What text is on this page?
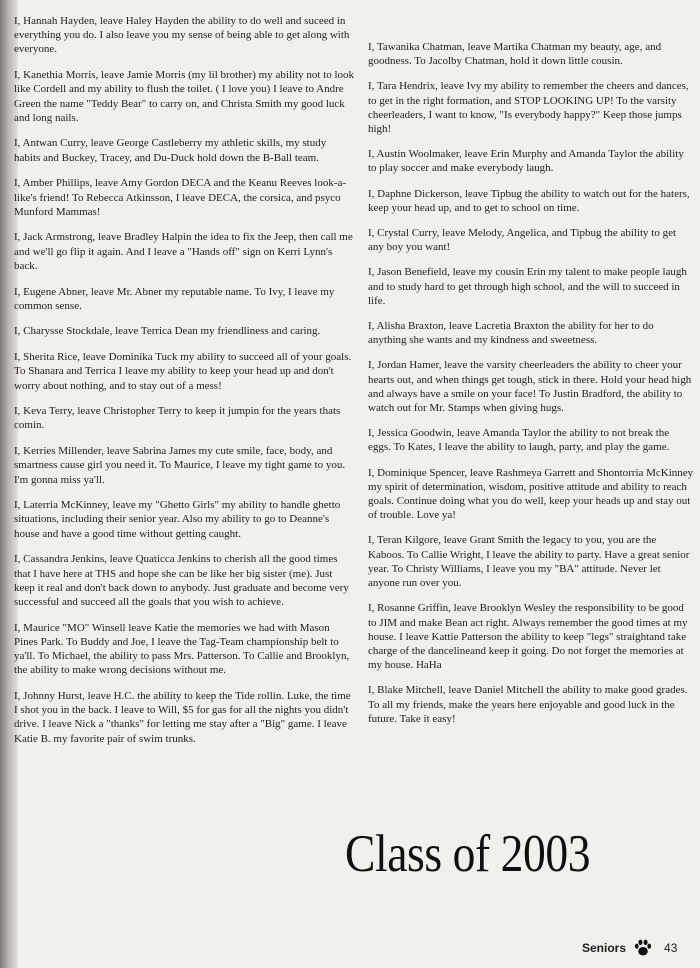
I, Hannah Hayden, leave Haley Hayden the ability to do well and suceed in everything you do. I also leave you my sense of being able to get along with everyone.

I, Kanethia Morris, leave Jamie Morris (my lil brother) my ability not to look like Cordell and my ability to flush the toilet. ( I love you) I leave to Andre Green the name "Teddy Bear" to carry on, and Christa Smith my good luck and long nails.

I, Antwan Curry, leave George Castleberry my athletic skills, my study habits and Buckey, Tracey, and Du-Duck hold down the B-Ball team.

I, Amber Phillips, leave Amy Gordon DECA and the Keanu Reeves look-a-like's friend! To Rebecca Atkinsson, I leave DECA, the corsica, and psyco Munford Mammas!

I, Jack Armstrong, leave Bradley Halpin the idea to fix the Jeep, then call me and we'll go flip it again. And I leave a "Hands off" sign on Kerri Lynn's back.

I, Eugene Abner, leave Mr. Abner my reputable name. To Ivy, I leave my common sense.

I, Charysse Stockdale, leave Terrica Dean my friendliness and caring.

I, Sherita Rice, leave Dominika Tuck my ability to succeed all of your goals. To Shanara and Terrica I leave my ability to keep your head up and don't worry about nothing, and to stay out of a mess!

I, Keva Terry, leave Christopher Terry to keep it jumpin for the years thats comin.

I, Kerries Millender, leave Sabrina James my cute smile, face, body, and smartness cause girl you need it. To Maurice, I leave my tight game to you. I'm gonna miss ya'll.

I, Laterria McKinney, leave my "Ghetto Girls" my ability to handle ghetto situations, including their senior year. Also my ability to go to Deanne's house and have a good time without getting caught.

I, Cassandra Jenkins, leave Quaticca Jenkins to cherish all the good times that I have here at THS and hope she can be like her big sister (me). Just keep it real and don't back down to anybody. Just graduate and become very successful and succeed all the goals that you wish to achieve.

I, Maurice "MO" Winsell leave Katie the memories we had with Mason Pines Park. To Buddy and Joe, I leave the Tag-Team championship belt to ya'll. To Michael, the ability to pass Mrs. Patterson. To Callie and Brooklyn, the ability to make wrong decisions without me.

I, Johnny Hurst, leave H.C. the ability to keep the Tide rollin. Luke, the time I shot you in the back. I leave to Will, $5 for gas for all the nights you didn't drive. I leave Nick a "thanks" for letting me stay after a "Big" game. I leave Katie B. my favorite pair of swim trunks.

I, Tawanika Chatman, leave Martika Chatman my beauty, age, and goodness. To Jacolby Chatman, hold it down little cousin.

I, Tara Hendrix, leave Ivy my ability to remember the cheers and dances, to get in the right formation, and STOP LOOKING UP! To the varsity cheerleaders, I want to know, "Is everybody happy?" Keep those jumps high!

I, Austin Woolmaker, leave Erin Murphy and Amanda Taylor the ability to play soccer and make everybody laugh.

I, Daphne Dickerson, leave Tipbug the ability to watch out for the haters, keep your head up, and to get to school on time.

I, Crystal Curry, leave Melody, Angelica, and Tipbug the ability to get any boy you want!

I, Jason Benefield, leave my cousin Erin my talent to make people laugh and to study hard to get through high school, and the will to succeed in life.

I, Alisha Braxton, leave Lacretia Braxton the ability for her to do anything she wants and my kindness and sweetness.

I, Jordan Hamer, leave the varsity cheerleaders the ability to cheer your hearts out, and when things get tough, stick in there. Hold your head high and always have a smile on your face! To Justin Bradford, the ability to watch out for Mr. Stamps when giving hugs.

I, Jessica Goodwin, leave Amanda Taylor the ability to not break the eggs. To Kates, I leave the ability to laugh, party, and play the game.

I, Dominique Spencer, leave Rashmeya Garrett and Shontorria McKinney my spirit of determination, wisdom, positive attitude and ability to reach goals. Continue doing what you do well, keep your heads up and stay out of trouble. Love ya!

I, Teran Kilgore, leave Grant Smith the legacy to you, you are the Kaboos. To Callie Wright, I leave the ability to party. Have a great senior year. To Christy Williams, I leave you my "BA" attitude. Never let anyone run over you.

I, Rosanne Griffin, leave Brooklyn Wesley the responsibility to be good to JIM and make Bean act right. Always remember the good times at my house. I leave Kattie Patterson the ability to keep "legs" straightand take charge of the dancelineand keep it going. Do not forget the memories at my house. HaHa

I, Blake Mitchell, leave Daniel Mitchell the ability to make good grades. To all my friends, make the years here enjoyable and good luck in the future. Take it easy!

Class of 2003
Seniors	43
